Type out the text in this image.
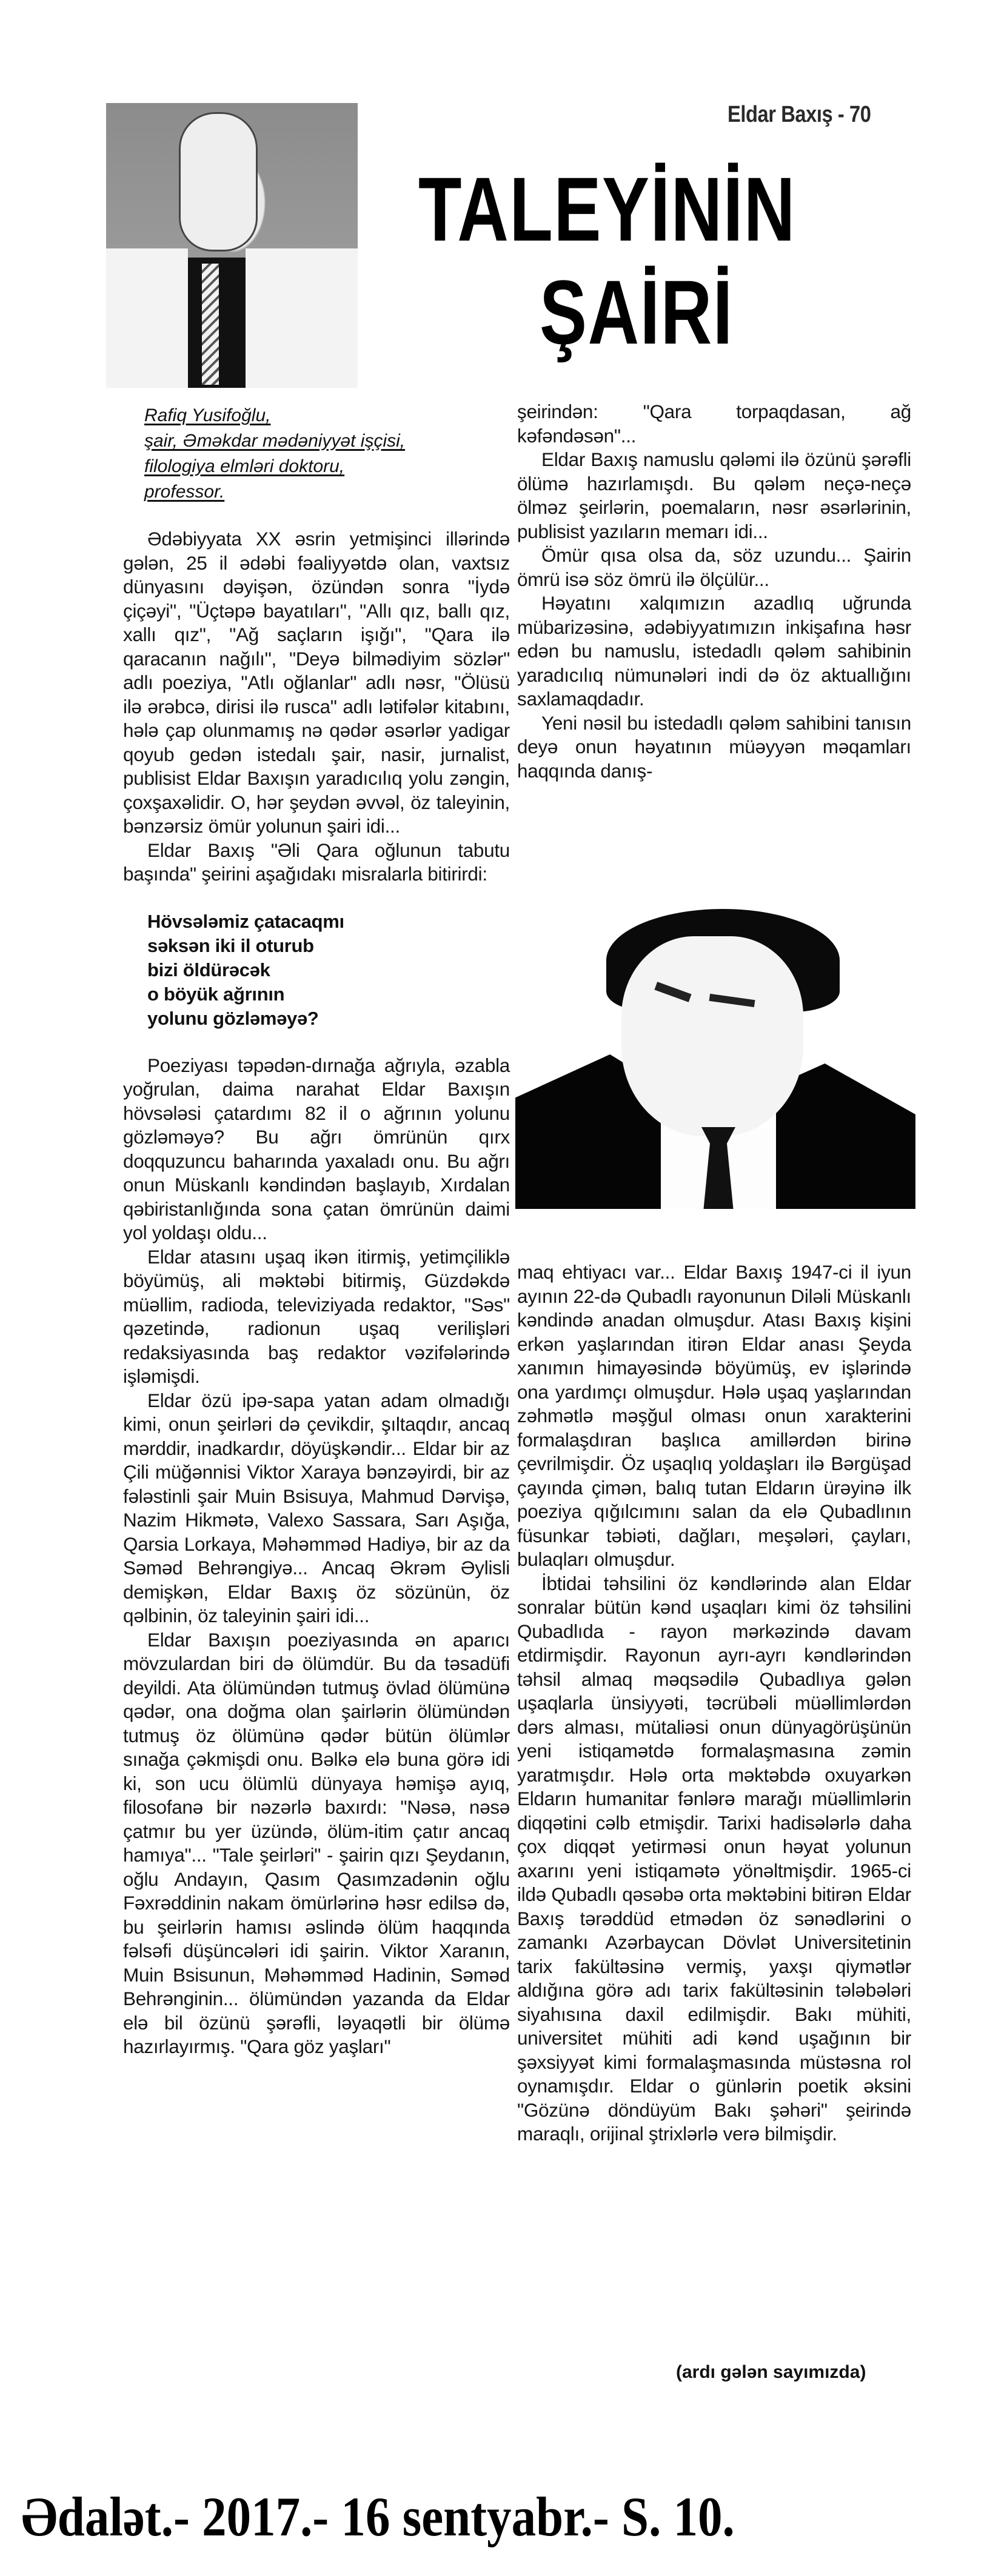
Eldar Baxış - 70
TALEYİNİN
ŞAİRİ
Rafiq Yusifoğlu,
şair, Əməkdar mədəniyyət işçisi,
filologiya elmləri doktoru,
professor.

Ədəbiyyata XX əsrin yetmişinci illərində gələn, 25 il ədəbi fəaliyyətdə olan, vaxtsız dünyasını dəyişən, özündən sonra "İydə çiçəyi", "Üçtəpə bayatıları", "Allı qız, ballı qız, xallı qız", "Ağ saçların işığı", "Qara ilə qaracanın nağılı", "Deyə bilmədiyim sözlər" adlı poeziya, "Atlı oğlanlar" adlı nəsr, "Ölüsü ilə ərəbcə, dirisi ilə rusca" adlı lətifələr kitabını, hələ çap olunmamış nə qədər əsərlər yadigar qoyub gedən istedalı şair, nasir, jurnalist, publisist Eldar Baxışın yaradıcılıq yolu zəngin, çoxşaxəlidir. O, hər şeydən əvvəl, öz taleyinin, bənzərsiz ömür yolunun şairi idi...

Eldar Baxış "Əli Qara oğlunun tabutu başında" şeirini aşağıdakı misralarla bitirirdi:

Hövsələmiz çatacaqmı
səksən iki il oturub
bizi öldürəcək
o böyük ağrının
yolunu gözləməyə?

Poeziyası təpədən-dırnağa ağrıyla, əzabla yoğrulan, daima narahat Eldar Baxışın hövsələsi çatardımı 82 il o ağrının yolunu gözləməyə? Bu ağrı ömrünün qırx doqquzuncu baharında yaxaladı onu. Bu ağrı onun Müskanlı kəndindən başlayıb, Xırdalan qəbiristanlığında sona çatan ömrünün daimi yol yoldaşı oldu...

Eldar atasını uşaq ikən itirmiş, yetimçiliklə böyümüş, ali məktəbi bitirmiş, Güzdəkdə müəllim, radioda, televiziyada redaktor, "Səs" qəzetində, radionun uşaq verilişləri redaksiyasında baş redaktor vəzifələrində işləmişdi.

Eldar özü ipə-sapa yatan adam olmadığı kimi, onun şeirləri də çevikdir, şıltaqdır, ancaq mərddir, inadkardır, döyüşkəndir... Eldar bir az Çili müğənnisi Viktor Xaraya bənzəyirdi, bir az fələstinli şair Muin Bsisuya, Mahmud Dərvişə, Nazim Hikmətə, Valexo Sassara, Sarı Aşığa, Qarsia Lorkaya, Məhəmməd Hadiyə, bir az da Səməd Behrəngiyə... Ancaq Əkrəm Əylisli demişkən, Eldar Baxış öz sözünün, öz qəlbinin, öz taleyinin şairi idi...

Eldar Baxışın poeziyasında ən aparıcı mövzulardan biri də ölümdür. Bu da təsadüfi deyildi. Ata ölümündən tutmuş övlad ölümünə qədər, ona doğma olan şairlərin ölümündən tutmuş öz ölümünə qədər bütün ölümlər sınağa çəkmişdi onu. Bəlkə elə buna görə idi ki, son ucu ölümlü dünyaya həmişə ayıq, filosofanə bir nəzərlə baxırdı: "Nəsə, nəsə çatmır bu yer üzündə, ölüm-itim çatır ancaq hamıya"... "Tale şeirləri" - şairin qızı Şeydanın, oğlu Andayın, Qasım Qasımzadənin oğlu Fəxrəddinin nakam ömürlərinə həsr edilsə də, bu şeirlərin hamısı əslində ölüm haqqında fəlsəfi düşüncələri idi şairin. Viktor Xaranın, Muin Bsisunun, Məhəmməd Hadinin, Səməd Behrənginin... ölümündən yazanda da Eldar elə bil özünü şərəfli, ləyaqətli bir ölümə hazırlayırmış. "Qara göz yaşları"

şeirindən: "Qara torpaqdasan, ağ kəfəndəsən"...

Eldar Baxış namuslu qələmi ilə özünü şərəfli ölümə hazırlamışdı. Bu qələm neçə-neçə ölməz şeirlərin, poemaların, nəsr əsərlərinin, publisist yazıların memarı idi...

Ömür qısa olsa da, söz uzundu... Şairin ömrü isə söz ömrü ilə ölçülür...

Həyatını xalqımızın azadlıq uğrunda mübarizəsinə, ədəbiyyatımızın inkişafına həsr edən bu namuslu, istedadlı qələm sahibinin yaradıcılıq nümunələri indi də öz aktuallığını saxlamaqdadır.

Yeni nəsil bu istedadlı qələm sahibini tanısın deyə onun həyatının müəyyən məqamları haqqında danış-

maq ehtiyacı var... Eldar Baxış 1947-ci il iyun ayının 22-də Qubadlı rayonunun Diləli Müskanlı kəndində anadan olmuşdur. Atası Baxış kişini erkən yaşlarından itirən Eldar anası Şeyda xanımın himayəsində böyümüş, ev işlərində ona yardımçı olmuşdur. Hələ uşaq yaşlarından zəhmətlə məşğul olması onun xarakterini formalaşdıran başlıca amillərdən birinə çevrilmişdir. Öz uşaqlıq yoldaşları ilə Bərgüşad çayında çimən, balıq tutan Eldarın ürəyinə ilk poeziya qığılcımını salan da elə Qubadlının füsunkar təbiəti, dağları, meşələri, çayları, bulaqları olmuşdur.

İbtidai təhsilini öz kəndlərində alan Eldar sonralar bütün kənd uşaqları kimi öz təhsilini Qubadlıda - rayon mərkəzində davam etdirmişdir. Rayonun ayrı-ayrı kəndlərindən təhsil almaq məqsədilə Qubadlıya gələn uşaqlarla ünsiyyəti, təcrübəli müəllimlərdən dərs alması, mütaliəsi onun dünyagörüşünün yeni istiqamətdə formalaşmasına zəmin yaratmışdır. Hələ orta məktəbdə oxuyarkən Eldarın humanitar fənlərə marağı müəllimlərin diqqətini cəlb etmişdir. Tarixi hadisələrlə daha çox diqqət yetirməsi onun həyat yolunun axarını yeni istiqamətə yönəltmişdir. 1965-ci ildə Qubadlı qəsəbə orta məktəbini bitirən Eldar Baxış tərəddüd etmədən öz sənədlərini o zamankı Azərbaycan Dövlət Universitetinin tarix fakültəsinə vermiş, yaxşı qiymətlər aldığına görə adı tarix fakültəsinin tələbələri siyahısına daxil edilmişdir. Bakı mühiti, universitet mühiti adi kənd uşağının bir şəxsiyyət kimi formalaşmasında müstəsna rol oynamışdır. Eldar o günlərin poetik əksini "Gözünə döndüyüm Bakı şəhəri" şeirində maraqlı, orijinal ştrixlərlə verə bilmişdir.

(ardı gələn sayımızda)
Ədalət.- 2017.- 16 sentyabr.- S. 10.
